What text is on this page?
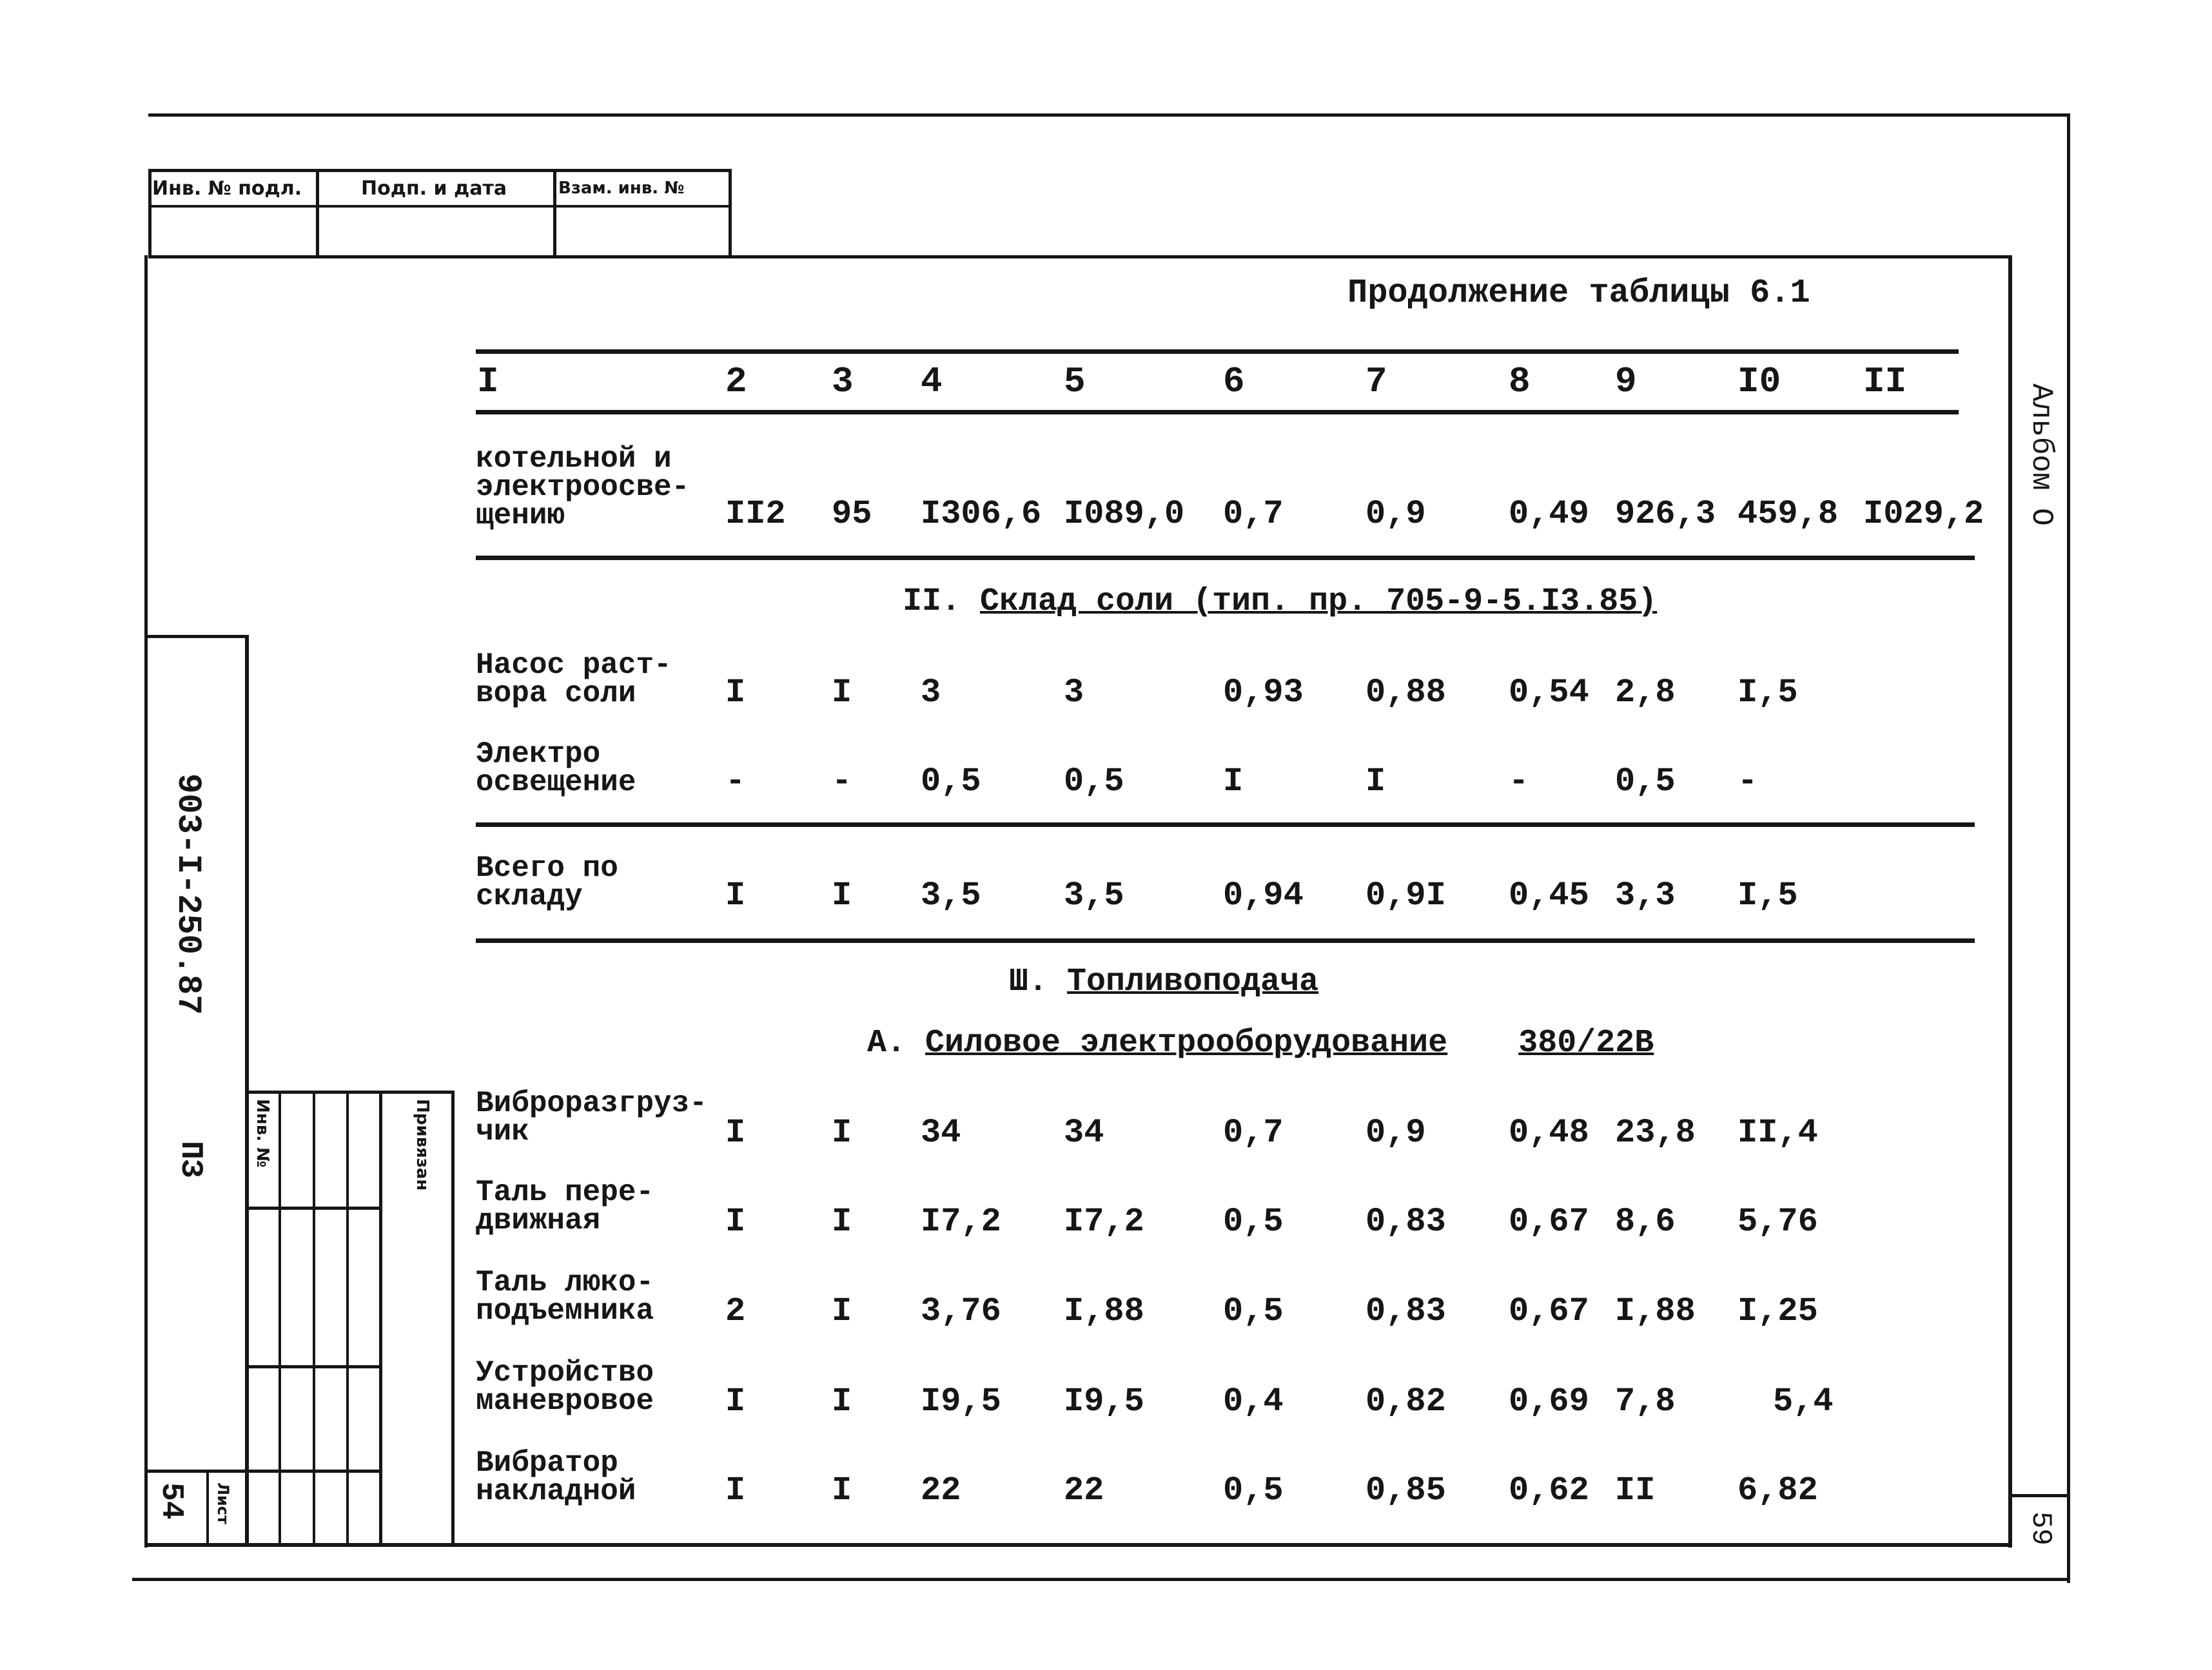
Инв. № подл.	Подп. и дата	Взам. инв. №
903-I-250.87
ПЗ
54 Лист
Инв. №	Привязан
Альбом О
59
Продолжение таблицы 6.1
I	2 3 4	5	6	7	8 9	I0 II
котельной и
электроосве-
щению	II2 95 I306,6 I089,0 0,7 0,9 0,49 926,3 459,8 I029,2
II. Склад соли (тип. пр. 705-9-5.I3.85)
Насос раст-
вора соли	I	I 3	3	0,93 0,88 0,54 2,8 I,5
Электро
освещение	-	- 0,5 0,5	I	I	-	0,5 -
Всего по
складу	I	I 3,5 3,5	0,94 0,9I 0,45 3,3 I,5
Ш. Топливоподача
А. Силовое электрооборудование 380/22В
Виброразгруз-
чик	I	I 34	34	0,7 0,9 0,48 23,8 II,4
Таль пере-
движная	I	I I7,2 I7,2 0,5 0,83 0,67 8,6 5,76
Таль люко-
подъемника 2	I 3,76 I,88 0,5 0,83 0,67 I,88 I,25
Устройство
маневровое I	I I9,5 I9,5 0,4 0,82 0,69 7,8	5,4
Вибратор
накладной	I	I 22	22	0,5 0,85 0,62 II 6,82
